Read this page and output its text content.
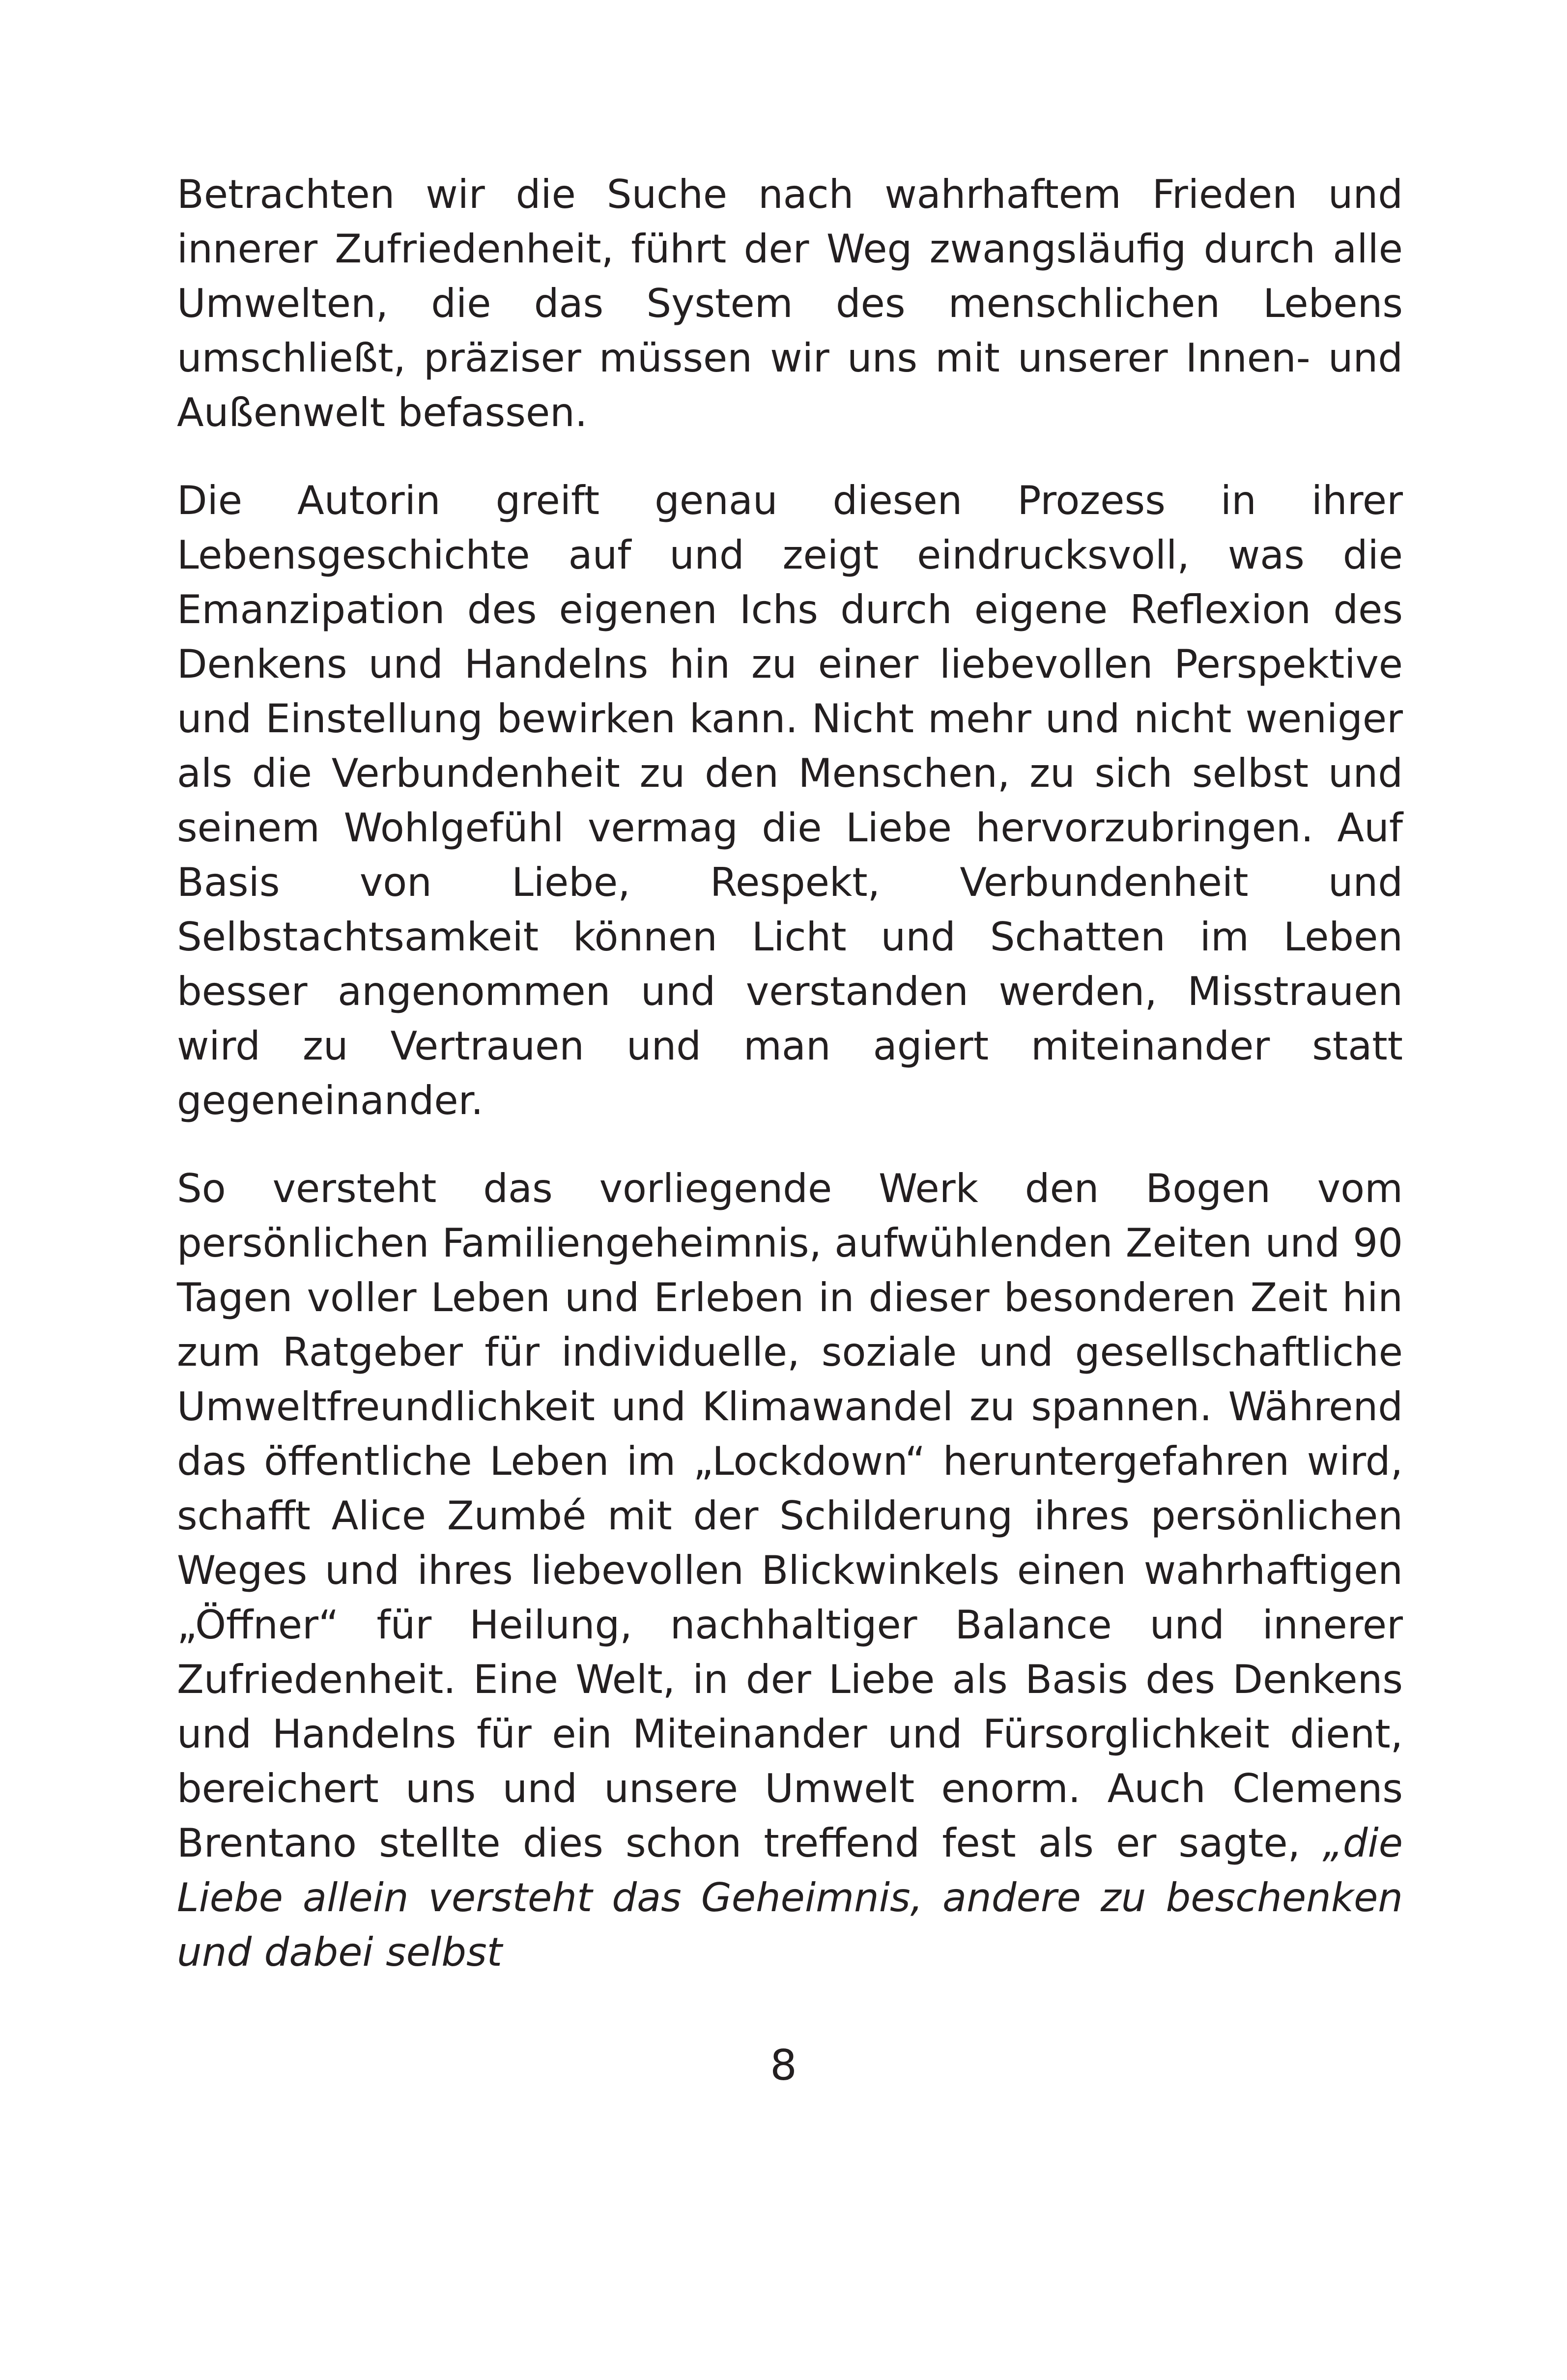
Betrachten wir die Suche nach wahrhaftem Frieden und innerer Zufriedenheit, führt der Weg zwangsläufig durch alle Umwelten, die das System des menschlichen Lebens umschließt, präziser müssen wir uns mit unserer Innen- und Außenwelt befassen.

Die Autorin greift genau diesen Prozess in ihrer Lebensgeschichte auf und zeigt eindrucksvoll, was die Emanzipation des eigenen Ichs durch eigene Reflexion des Denkens und Handelns hin zu einer liebevollen Perspektive und Einstellung bewirken kann. Nicht mehr und nicht weniger als die Verbundenheit zu den Menschen, zu sich selbst und seinem Wohlgefühl vermag die Liebe hervorzubringen. Auf Basis von Liebe, Respekt, Verbundenheit und Selbstachtsamkeit können Licht und Schatten im Leben besser angenommen und verstanden werden, Misstrauen wird zu Vertrauen und man agiert miteinander statt gegeneinander.

So versteht das vorliegende Werk den Bogen vom persönlichen Familiengeheimnis, aufwühlenden Zeiten und 90 Tagen voller Leben und Erleben in dieser besonderen Zeit hin zum Ratgeber für individuelle, soziale und gesellschaftliche Umweltfreundlichkeit und Klimawandel zu spannen. Während das öffentliche Leben im „Lockdown“ heruntergefahren wird, schafft Alice Zumbé mit der Schilderung ihres persönlichen Weges und ihres liebevollen Blickwinkels einen wahrhaftigen „Öffner“ für Heilung, nachhaltiger Balance und innerer Zufriedenheit. Eine Welt, in der Liebe als Basis des Denkens und Handelns für ein Miteinander und Fürsorglichkeit dient, bereichert uns und unsere Umwelt enorm. Auch Clemens Brentano stellte dies schon treffend fest als er sagte, „die Liebe allein versteht das Geheimnis, andere zu beschenken und dabei selbst

8
